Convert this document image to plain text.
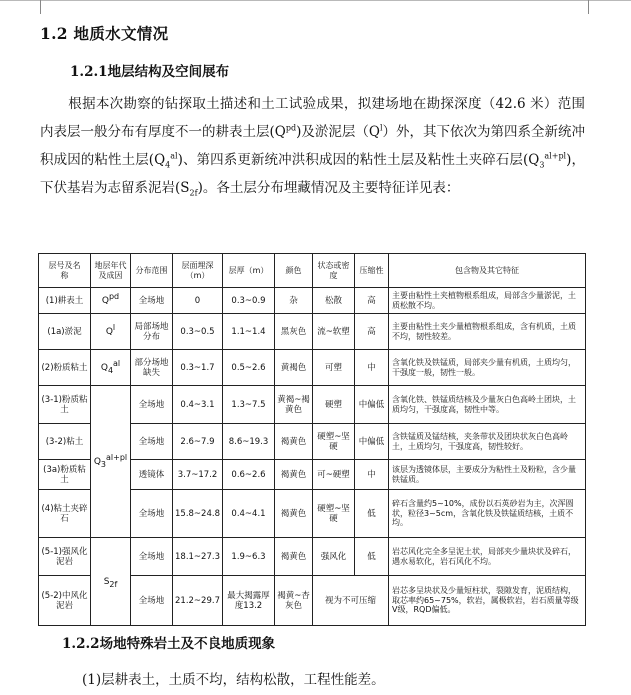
1.2 地质水文情况
1.2.1地层结构及空间展布
根据本次勘察的钻探取土描述和土工试验成果，拟建场地在勘探深度（42.6 米）范围内表层一般分布有厚度不一的耕表土层$(Q^{pd})$及淤泥层$(Q^l)$外，其下依次为第四系全新统冲积成因的粘性土层$(Q_4^{al})$、第四系更新统冲洪积成因的粘性土层及粘性土夹碎石层$(Q_3^{al+pl})$，下伏基岩为志留系泥岩$(S_{2f})$。各土层分布埋藏情况及主要特征详见表：
层号及名　称	地层年代及成因	分布范围	层面埋深（m）	层厚（m）	颜色	状态或密度	压缩性	包含物及其它特征
(1)耕表土	$Q^{pd}$	全场地	0	0.3~0.9	杂	松散	高	主要由粘性土夹植物根系组成，局部含少量淤泥，土质松散不均。
(1a)淤泥	$Q^l$	局部场地分布	0.3~0.5	1.1~1.4	黑灰色	流~软塑	高	主要由粘性土夹少量植物根系组成，含有机质，土质不均，韧性较差。
(2)粉质粘土	$Q_4^{al}$	部分场地缺失	0.3~1.7	0.5~2.6	黄褐色	可塑	中	含氧化铁及铁锰质，局部夹少量有机质，土质均匀，干强度一般，韧性一般。
(3-1)粉质粘土	$Q_3^{al+pl}$	全场地	0.4~3.1	1.3~7.5	黄褐~褐黄色	硬塑	中偏低	含氧化铁、铁锰质结核及少量灰白色高岭土团块，土质均匀，干强度高，韧性中等。
(3-2)粘土		全场地	2.6~7.9	8.6~19.3	褐黄色	硬塑~坚硬	中偏低	含铁锰质及锰结核，夹条带状及团块状灰白色高岭土，土质均匀，干强度高，韧性较好。
(3a)粉质粘土		透镜体	3.7~17.2	0.6~2.6	褐黄色	可~硬塑	中	该层为透镜体层，主要成分为粘性土及粉粒，含少量铁锰质。
(4)粘土夹碎石		全场地	15.8~24.8	0.4~4.1	褐黄色	硬塑~坚硬	低	碎石含量约5~10%，成份以石英砂岩为主，次浑圆状，粒径3~5cm，含氧化铁及铁锰质结核，土质不均。
(5-1)强风化泥岩	$S_{2f}$	全场地	18.1~27.3	1.9~6.3	褐黄色	强风化	低	岩芯风化完全多呈泥土状，局部夹少量块状及碎石，遇水易软化，岩石风化不均。
(5-2)中风化泥岩		全场地	21.2~29.7	最大揭露厚度13.2	褐黄~杏灰色	视为不可压缩		岩芯多呈块状及少量短柱状，裂隙发育，泥质结构，取芯率约65~75%，软岩，属极软岩，岩石质量等级V级，RQD偏低。
1.2.2场地特殊岩土及不良地质现象
(1)层耕表土，土质不均，结构松散，工程性能差。
